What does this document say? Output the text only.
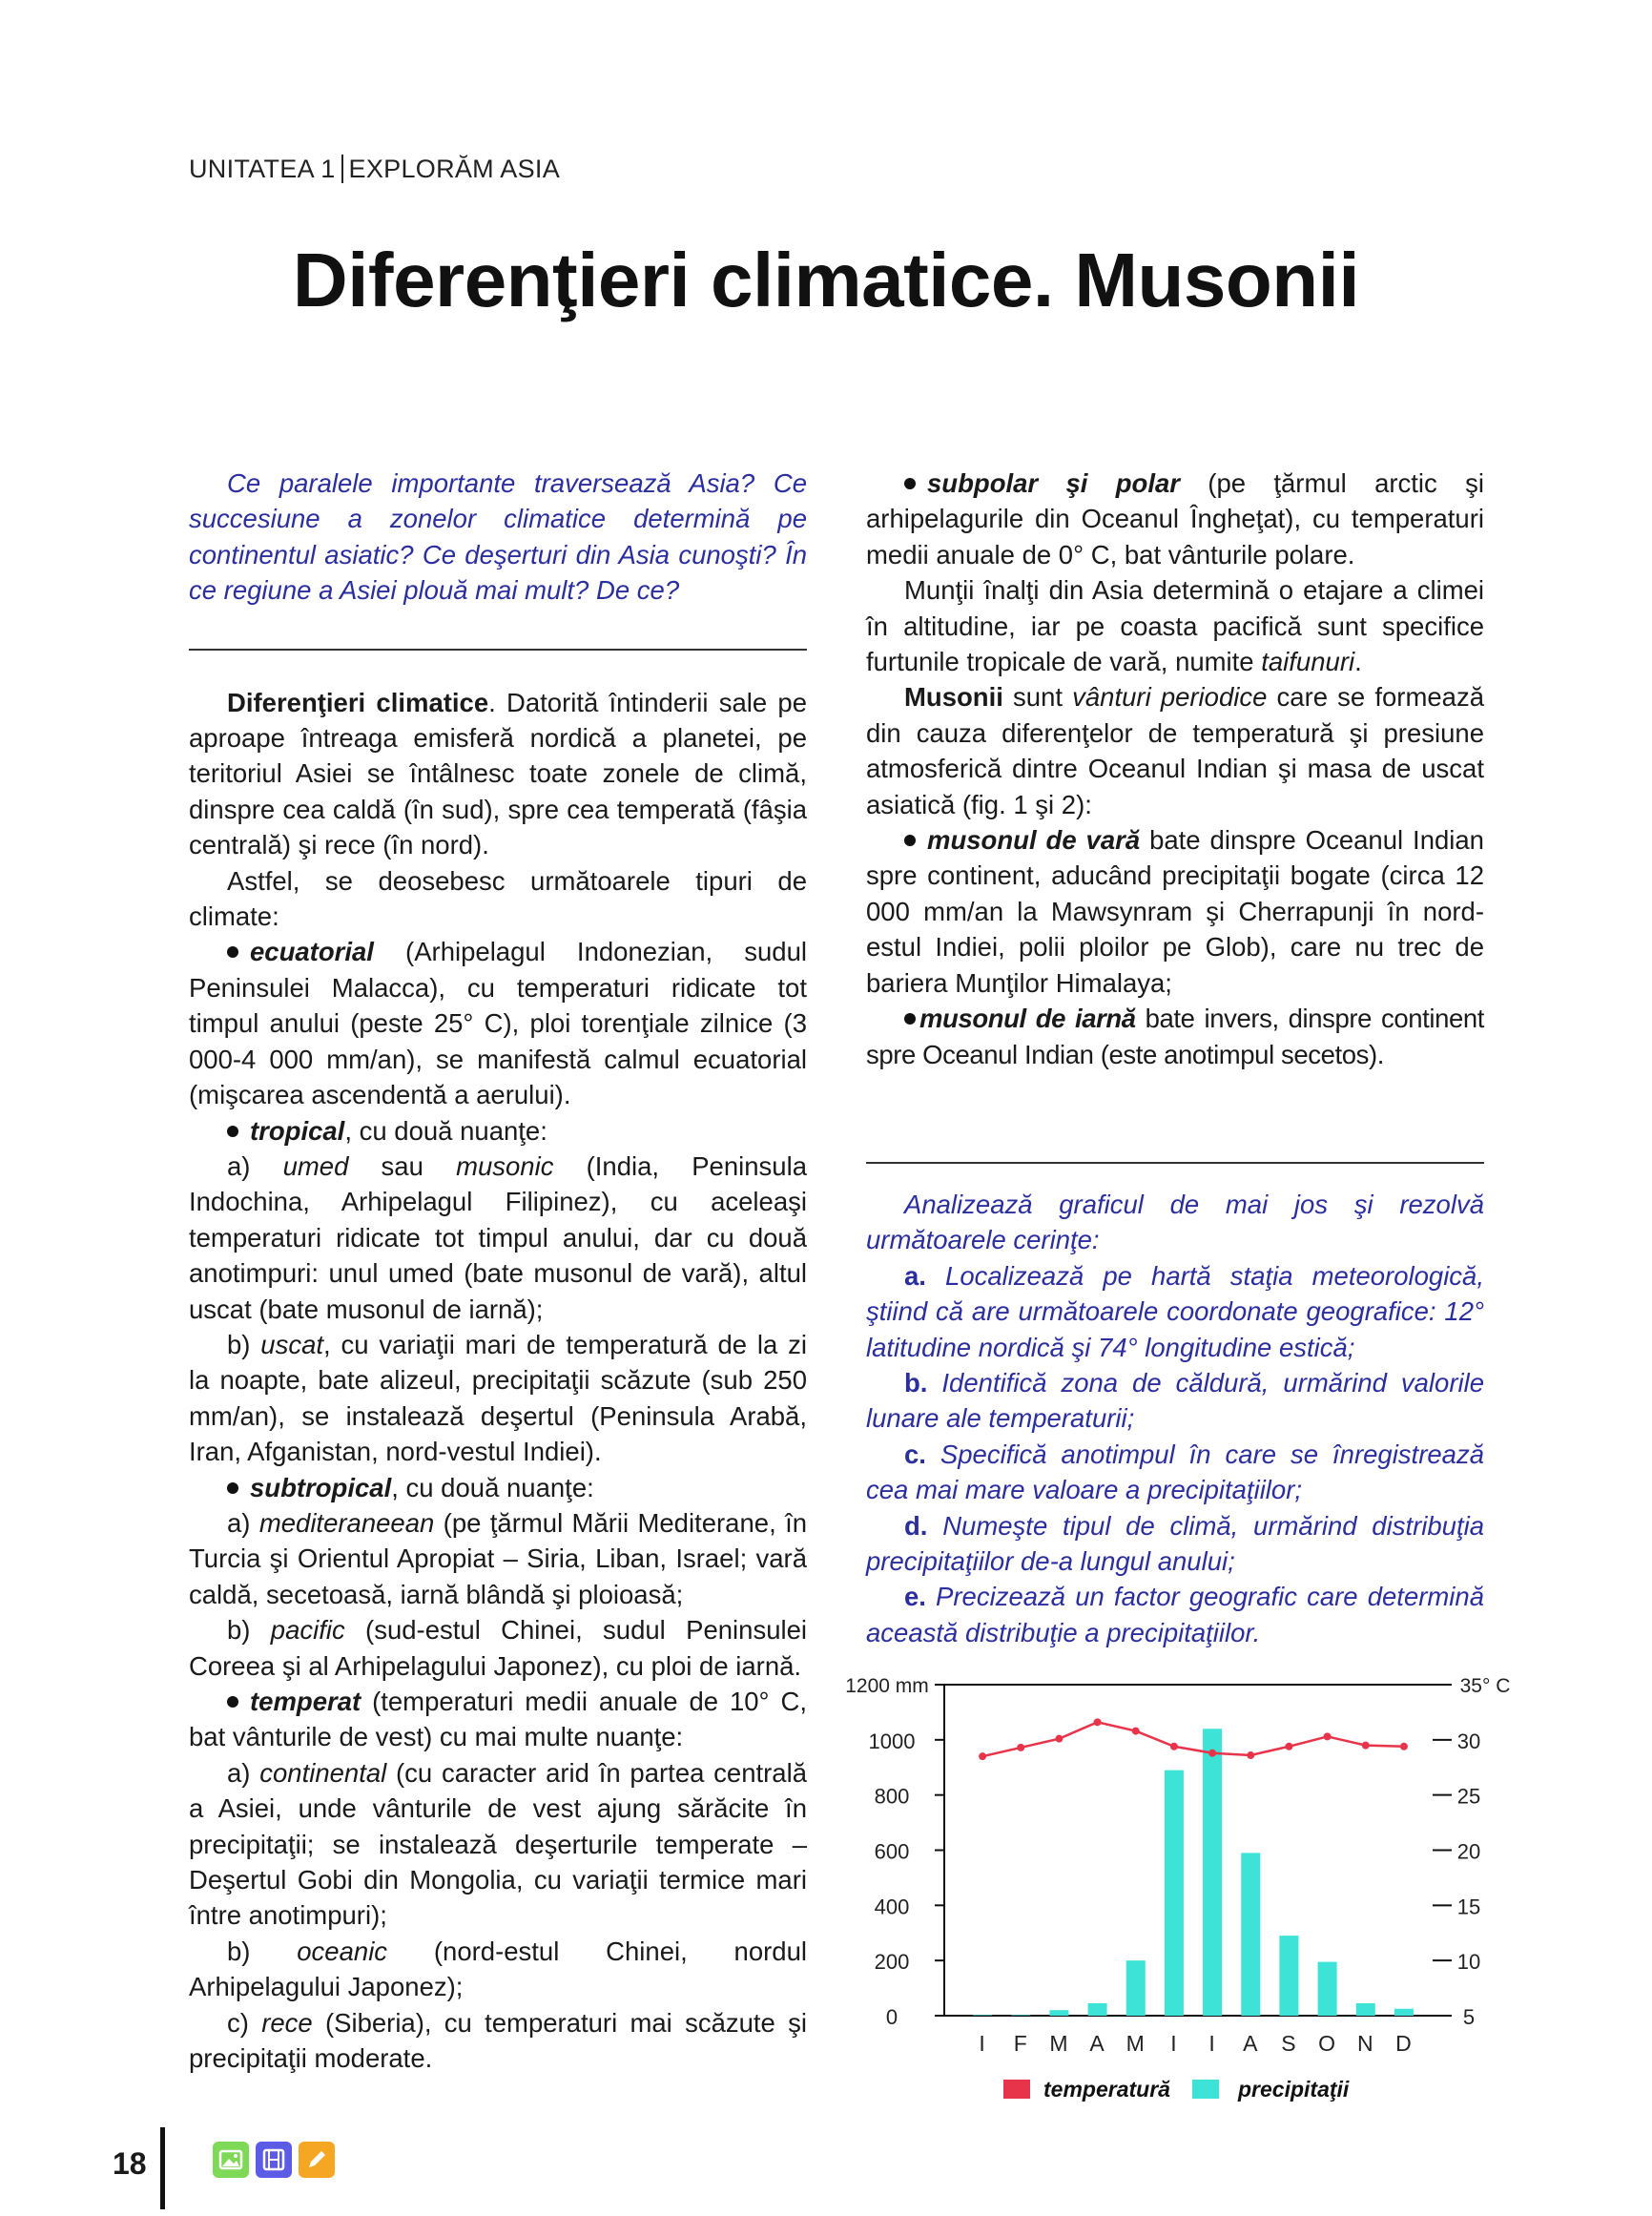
UNITATEA 1 EXPLORĂM ASIA
Diferenţieri climatice. Musonii

Ce paralele importante traversează Asia? Ce succesiune a zonelor climatice determină pe continentul asiatic? Ce deşerturi din Asia cunoşti? În ce regiune a Asiei plouă mai mult? De ce?

Diferenţieri climatice. Datorită întinderii sale pe aproape întreaga emisferă nordică a planetei, pe teritoriul Asiei se întâlnesc toate zonele de climă, dinspre cea caldă (în sud), spre cea temperată (fâşia centrală) şi rece (în nord).

Astfel, se deosebesc următoarele tipuri de climate:

ecuatorial (Arhipelagul Indonezian, sudul Peninsulei Malacca), cu temperaturi ridicate tot timpul anului (peste 25° C), ploi torenţiale zilnice (3 000-4 000 mm/an), se manifestă calmul ecuatorial (mişcarea ascendentă a aerului).

tropical, cu două nuanţe:

a) umed sau musonic (India, Peninsula Indochina, Arhipelagul Filipinez), cu aceleaşi temperaturi ridicate tot timpul anului, dar cu două anotimpuri: unul umed (bate musonul de vară), altul uscat (bate musonul de iarnă);

b) uscat, cu variaţii mari de temperatură de la zi la noapte, bate alizeul, precipitaţii scăzute (sub 250 mm/an), se instalează deşertul (Peninsula Arabă, Iran, Afganistan, nord-vestul Indiei).

subtropical, cu două nuanţe:

a) mediteraneean (pe ţărmul Mării Mediterane, în Turcia şi Orientul Apropiat – Siria, Liban, Israel; vară caldă, secetoasă, iarnă blândă şi ploioasă;

b) pacific (sud-estul Chinei, sudul Peninsulei Coreea şi al Arhipelagului Japonez), cu ploi de iarnă.

temperat (temperaturi medii anuale de 10° C, bat vânturile de vest) cu mai multe nuanţe:

a) continental (cu caracter arid în partea centrală a Asiei, unde vânturile de vest ajung sărăcite în precipitaţii; se instalează deşerturile temperate – Deşertul Gobi din Mongolia, cu variaţii termice mari între anotimpuri);

b) oceanic (nord-estul Chinei, nordul Arhipelagului Japonez);

c) rece (Siberia), cu temperaturi mai scăzute şi precipitaţii moderate.

subpolar şi polar (pe ţărmul arctic şi arhipelagurile din Oceanul Îngheţat), cu temperaturi medii anuale de 0° C, bat vânturile polare.

Munţii înalţi din Asia determină o etajare a climei în altitudine, iar pe coasta pacifică sunt specifice furtunile tropicale de vară, numite taifunuri.

Musonii sunt vânturi periodice care se formează din cauza diferenţelor de temperatură şi presiune atmosferică dintre Oceanul Indian şi masa de uscat asiatică (fig. 1 şi 2):

musonul de vară bate dinspre Oceanul Indian spre continent, aducând precipitaţii bogate (circa 12 000 mm/an la Mawsynram şi Cherrapunji în nord-estul Indiei, polii ploilor pe Glob), care nu trec de bariera Munţilor Himalaya;

musonul de iarnă bate invers, dinspre continent spre Oceanul Indian (este anotimpul secetos).

Analizează graficul de mai jos şi rezolvă următoarele cerinţe:

a. Localizează pe hartă staţia meteorologică, ştiind că are următoarele coordonate geografice: 12° latitudine nordică şi 74° longitudine estică;

b. Identifică zona de căldură, urmărind valorile lunare ale temperaturii;

c. Specifică anotimpul în care se înregistrează cea mai mare valoare a precipitaţiilor;

d. Numeşte tipul de climă, urmărind distribuţia precipitaţiilor de-a lungul anului;

e. Precizează un factor geografic care determină această distribuţie a precipitaţiilor.

0
200
400
600
800
1000
1200 mm
5
10
15
20
25
30
35° C
I F M A M I I A S O N D
temperatură	precipitaţii
18
